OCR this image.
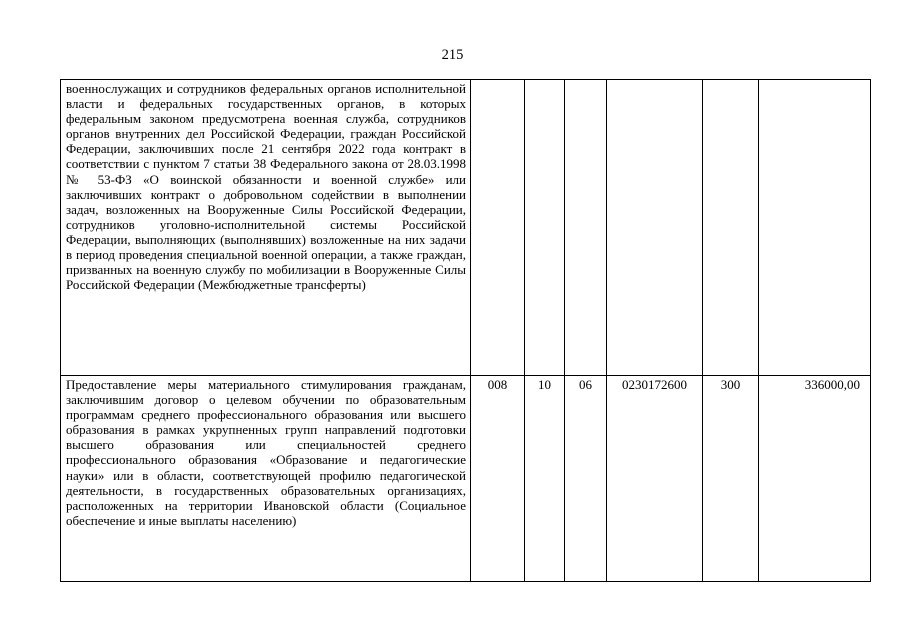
215
военнослужащих и сотрудников федеральных органов исполнительной власти и федеральных государственных органов, в которых федеральным законом предусмотрена военная служба, сотрудников органов внутренних дел Российской Федерации, граждан Российской Федерации, заключивших после 21 сентября 2022 года контракт в соответствии с пунктом 7 статьи 38 Федерального закона от 28.03.1998 № 53-ФЗ «О воинской обязанности и военной службе» или заключивших контракт о добровольном содействии в выполнении задач, возложенных на Вооруженные Силы Российской Федерации, сотрудников уголовно-исполнительной системы Российской Федерации, выполняющих (выполнявших) возложенные на них задачи в период проведения специальной военной операции, а также граждан, призванных на военную службу по мобилизации в Вооруженные Силы Российской Федерации (Межбюджетные трансферты)						
Предоставление меры материального стимулирования гражданам, заключившим договор о целевом обучении по образовательным программам среднего профессионального образования или высшего образования в рамках укрупненных групп направлений подготовки высшего образования или специальностей среднего профессионального образования «Образование и педагогические науки» или в области, соответствующей профилю педагогической деятельности, в государственных образовательных организациях, расположенных на территории Ивановской области (Социальное обеспечение и иные выплаты населению)	008	10	06	0230172600	300	336000,00
